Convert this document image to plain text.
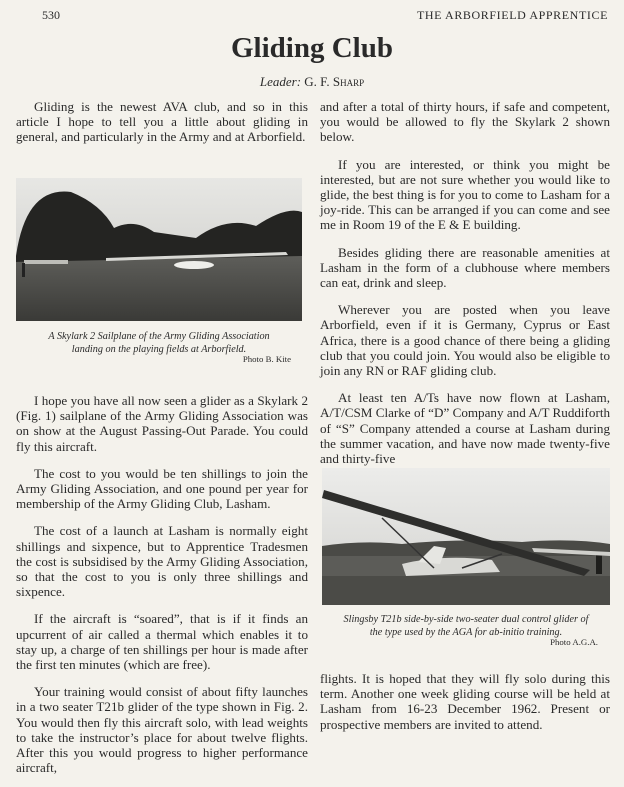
530	THE ARBORFIELD APPRENTICE
Gliding Club
Leader: G. F. Sharp

Gliding is the newest AVA club, and so in this article I hope to tell you a little about gliding in general, and particularly in the Army and at Arborfield.

A Skylark 2 Sailplane of the Army Gliding Association
landing on the playing fields at Arborfield.
Photo B. Kite

I hope you have all now seen a glider as a Skylark 2 (Fig. 1) sailplane of the Army Gliding Association was on show at the August Passing-Out Parade. You could fly this aircraft.

The cost to you would be ten shillings to join the Army Gliding Association, and one pound per year for membership of the Army Gliding Club, Lasham.

The cost of a launch at Lasham is normally eight shillings and sixpence, but to Apprentice Tradesmen the cost is subsidised by the Army Gliding Association, so that the cost to you is only three shillings and sixpence.

If the aircraft is “soared”, that is if it finds an upcurrent of air called a thermal which enables it to stay up, a charge of ten shillings per hour is made after the first ten minutes (which are free).

Your training would consist of about fifty launches in a two seater T21b glider of the type shown in Fig. 2. You would then fly this aircraft solo, with lead weights to take the instructor’s place for about twelve flights. After this you would progress to higher performance aircraft,

and after a total of thirty hours, if safe and competent, you would be allowed to fly the Skylark 2 shown below.

If you are interested, or think you might be interested, but are not sure whether you would like to glide, the best thing is for you to come to Lasham for a joy-ride. This can be arranged if you can come and see me in Room 19 of the E & E building.

Besides gliding there are reasonable amenities at Lasham in the form of a clubhouse where members can eat, drink and sleep.

Wherever you are posted when you leave Arborfield, even if it is Germany, Cyprus or East Africa, there is a good chance of there being a gliding club that you could join. You would also be eligible to join any RN or RAF gliding club.

At least ten A/Ts have now flown at Lasham, A/T/CSM Clarke of “D” Company and A/T Ruddiforth of “S” Company attended a course at Lasham during the summer vacation, and have now made twenty-five and thirty-five

Slingsby T21b side-by-side two-seater dual control glider of
the type used by the AGA for ab-initio training.
Photo A.G.A.

flights. It is hoped that they will fly solo during this term. Another one week gliding course will be held at Lasham from 16-23 December 1962. Present or prospective members are invited to attend.
